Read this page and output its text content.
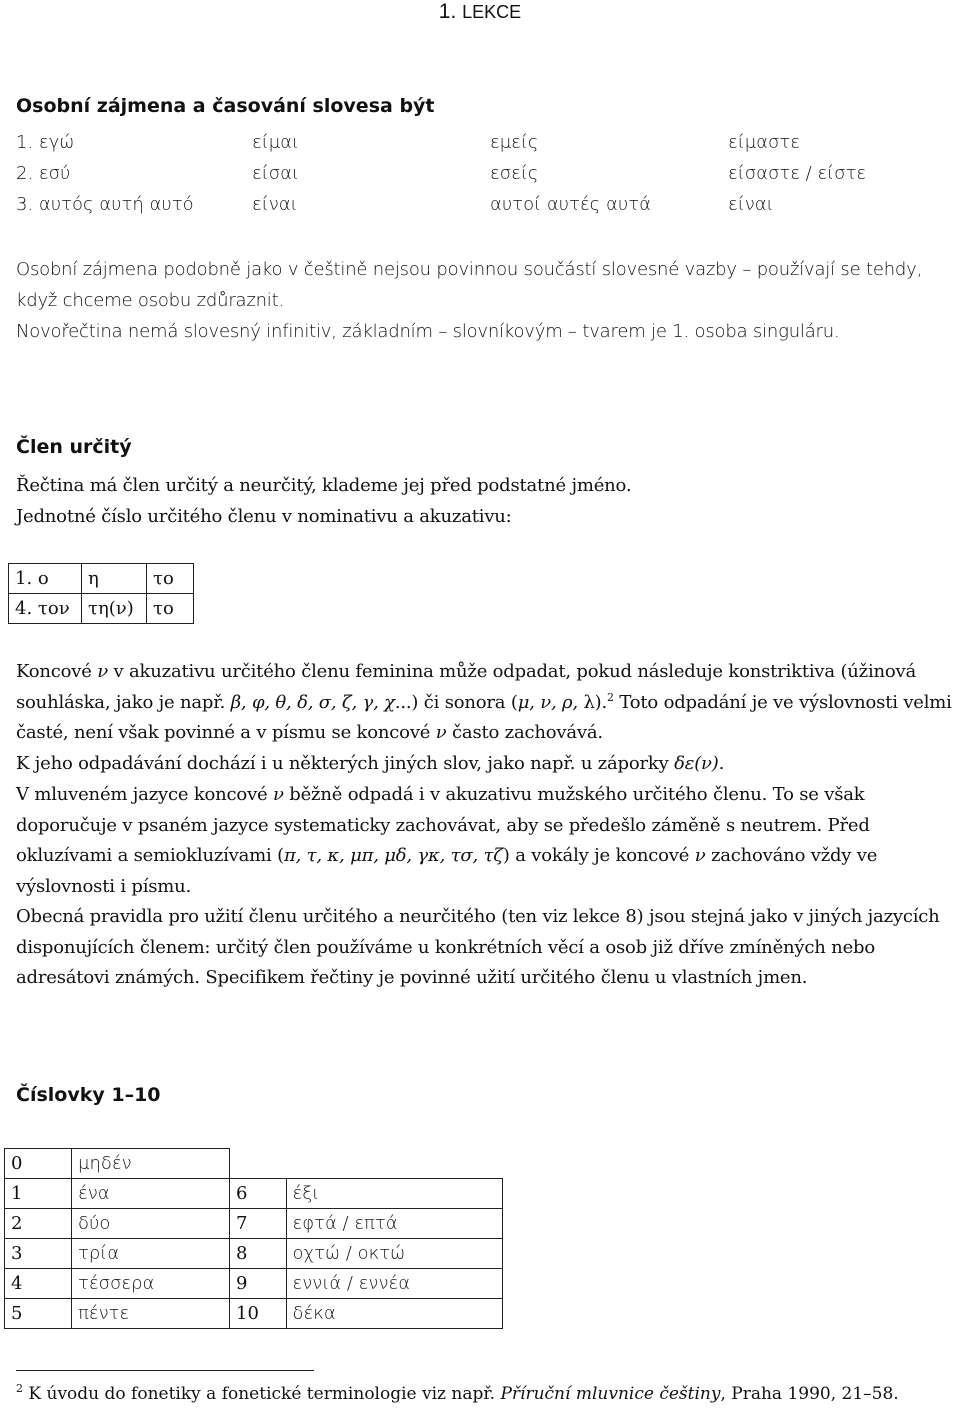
1. LEKCE
Osobní zájmena a časování slovesa být
1. εγώ	είμαι	εμείς	είμαστε
2. εσύ	είσαι	εσείς	είσαστε / είστε
3. αυτός αυτή αυτό	είναι	αυτοί αυτές αυτά	είναι
Osobní zájmena podobně jako v češtině nejsou povinnou součástí slovesné vazby – používají se tehdy, když chceme osobu zdůraznit.
Novořečtina nemá slovesný infinitiv, základním – slovníkovým – tvarem je 1. osoba singuláru.
Člen určitý
Řečtina má člen určitý a neurčitý, klademe jej před podstatné jméno.
Jednotné číslo určitého členu v nominativu a akuzativu:
1. ο	η	το
4. τον	τη(ν)	το
Koncové ν v akuzativu určitého členu feminina může odpadat, pokud následuje konstriktiva (úžinová souhláska, jako je např. β, φ, θ, δ, σ, ζ, γ, χ...) či sonora (μ, ν, ρ, λ).$^2$ Toto odpadání je ve výslovnosti velmi časté, není však povinné a v písmu se koncové ν často zachovává.
K jeho odpadávání dochází i u některých jiných slov, jako např. u záporky δε(ν).
V mluveném jazyce koncové ν běžně odpadá i v akuzativu mužského určitého členu. To se však doporučuje v psaném jazyce systematicky zachovávat, aby se předešlo záměně s neutrem. Před okluzívami a semiokluzívami (π, τ, κ, μπ, μδ, γκ, τσ, τζ) a vokály je koncové ν zachováno vždy ve výslovnosti i písmu.
Obecná pravidla pro užití členu určitého a neurčitého (ten viz lekce 8) jsou stejná jako v jiných jazycích disponujících členem: určitý člen používáme u konkrétních věcí a osob již dříve zmíněných nebo adresátovi známých. Specifikem řečtiny je povinné užití určitého členu u vlastních jmen.
Číslovky 1–10
0	μηδέν		
1	ένα	6	έξι
2	δύο	7	εφτά / επτά
3	τρία	8	οχτώ / οκτώ
4	τέσσερα	9	εννιά / εννέα
5	πέντε	10	δέκα
$^2$ K úvodu do fonetiky a fonetické terminologie viz např. Příruční mluvnice češtiny, Praha 1990, 21–58.
